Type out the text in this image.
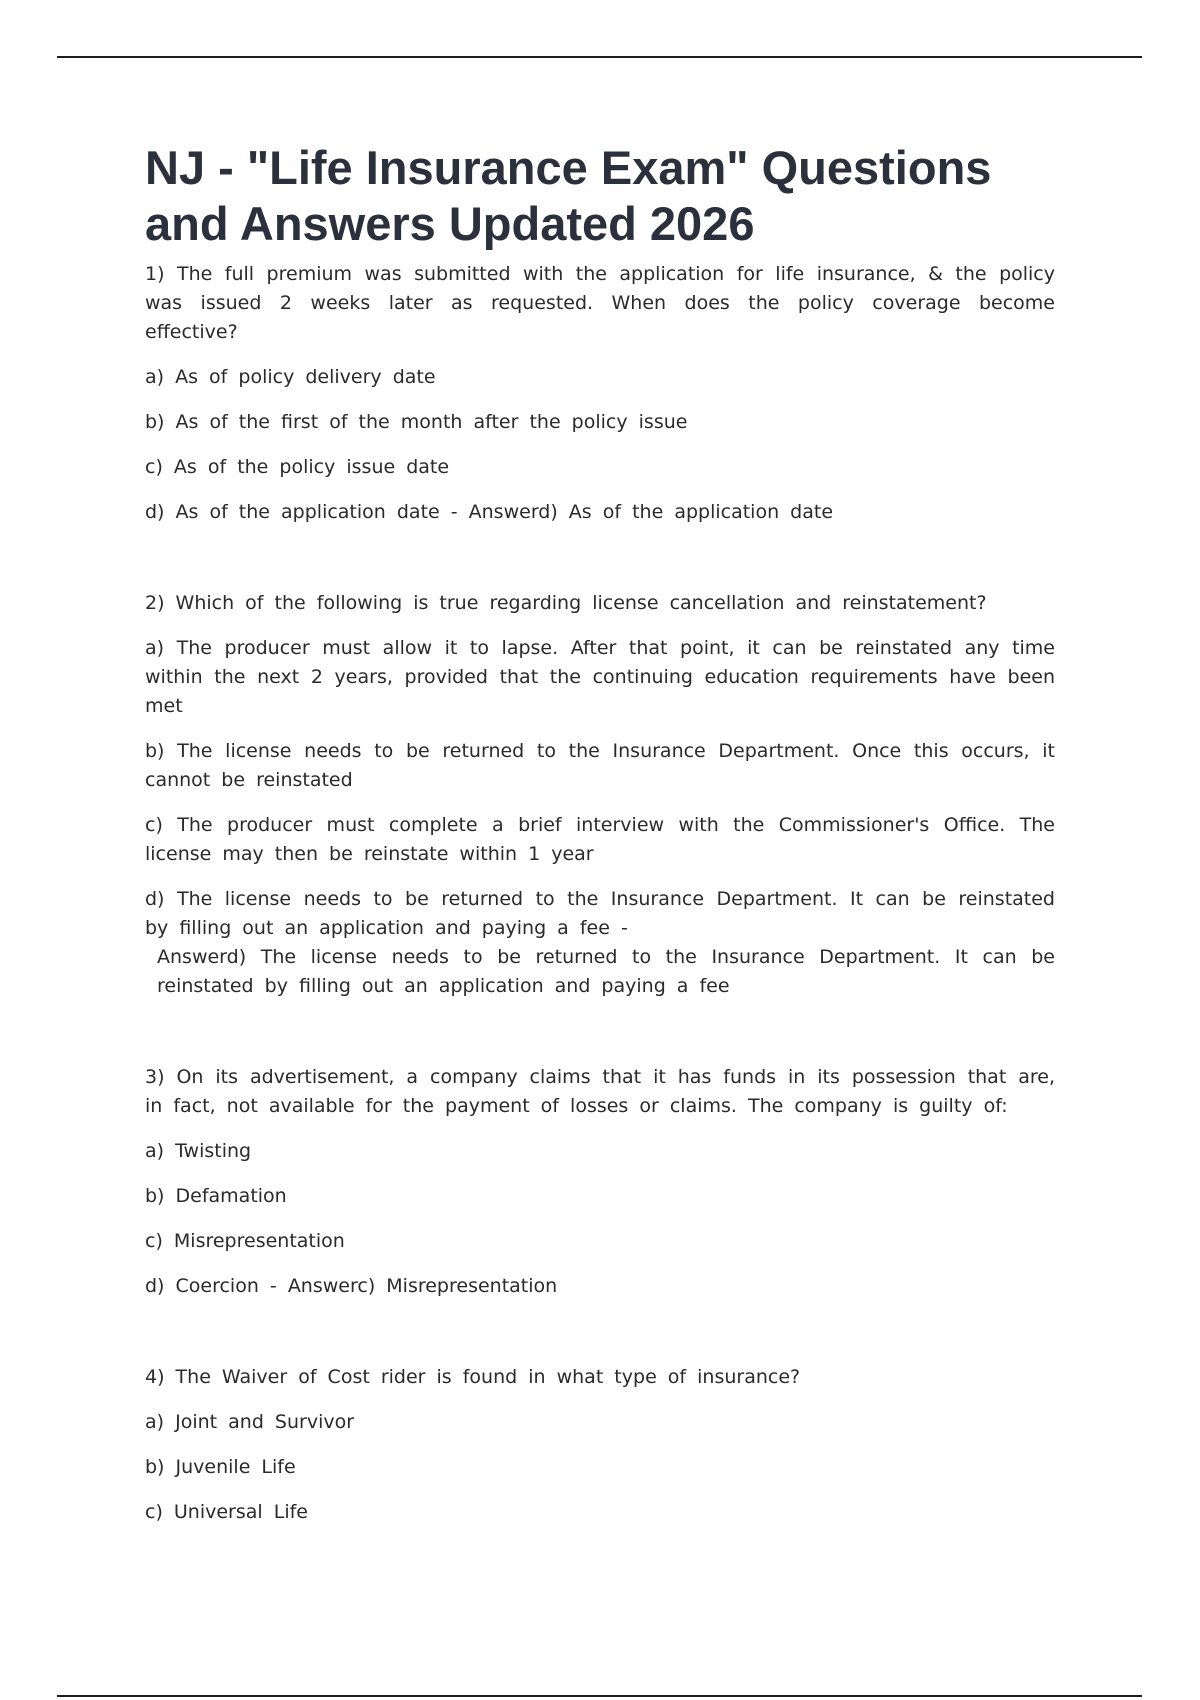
NJ - "Life Insurance Exam" Questions and Answers Updated 2026

1) The full premium was submitted with the application for life insurance, & the policy was issued 2 weeks later as requested. When does the policy coverage become effective?

a) As of policy delivery date

b) As of the first of the month after the policy issue

c) As of the policy issue date

d) As of the application date - Answerd) As of the application date

2) Which of the following is true regarding license cancellation and reinstatement?

a) The producer must allow it to lapse. After that point, it can be reinstated any time within the next 2 years, provided that the continuing education requirements have been met

b) The license needs to be returned to the Insurance Department. Once this occurs, it cannot be reinstated

c) The producer must complete a brief interview with the Commissioner's Office. The license may then be reinstate within 1 year

d) The license needs to be returned to the Insurance Department. It can be reinstated by filling out an application and paying a fee -
Answerd) The license needs to be returned to the Insurance Department. It can be reinstated by filling out an application and paying a fee

3) On its advertisement, a company claims that it has funds in its possession that are, in fact, not available for the payment of losses or claims. The company is guilty of:

a) Twisting

b) Defamation

c) Misrepresentation

d) Coercion - Answerc) Misrepresentation

4) The Waiver of Cost rider is found in what type of insurance?

a) Joint and Survivor

b) Juvenile Life

c) Universal Life
